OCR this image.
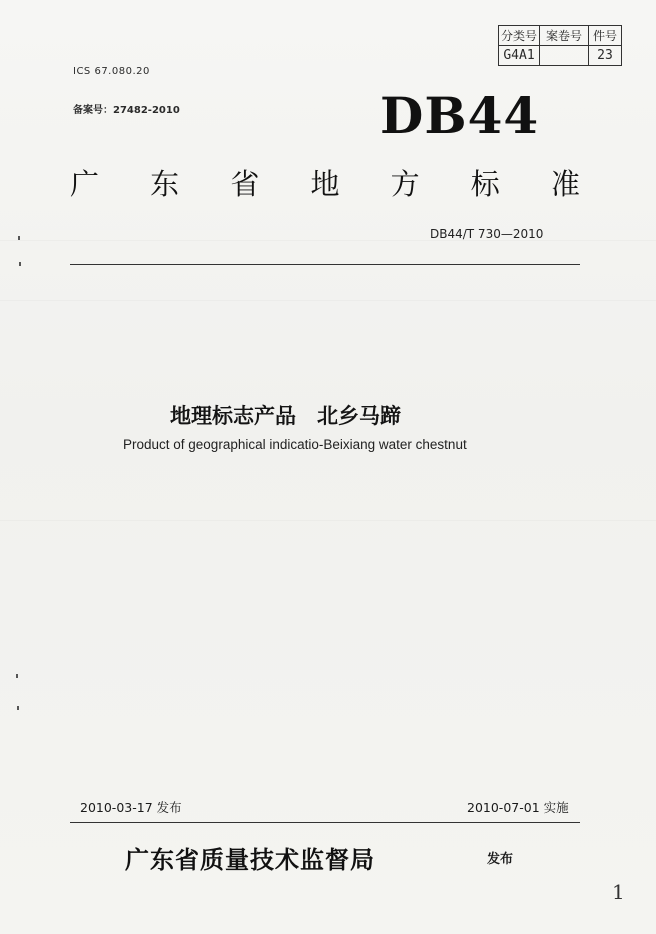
分类号	案卷号	件号
G4A1		23
ICS 67.080.20
备案号：27482-2010	DB44
广 东 省 地 方 标 准
DB44/T 730—2010
地理标志产品　北乡马蹄
Product of geographical indicatio-Beixiang water chestnut
2010-03-17 发布	2010-07-01 实施
广东省质量技术监督局	发布
1
